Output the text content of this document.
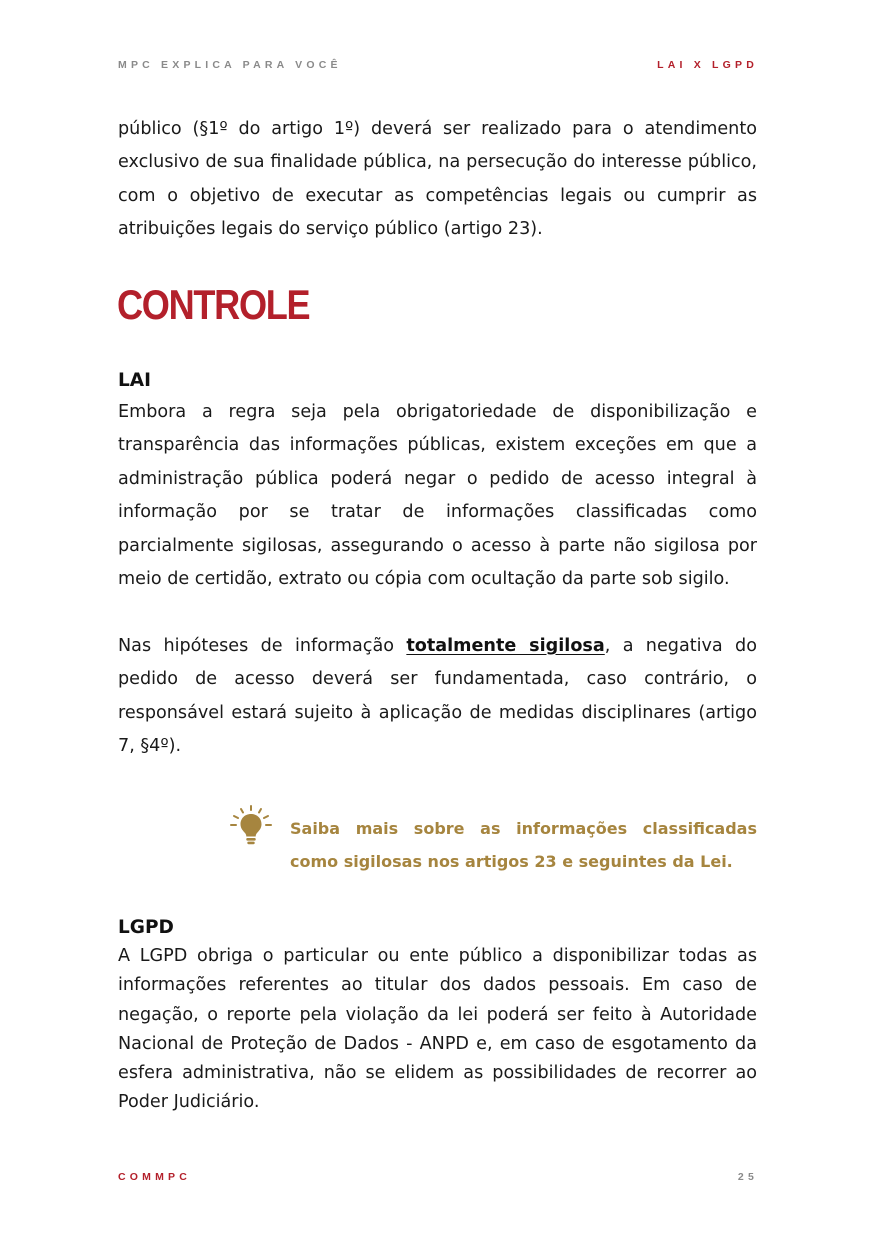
MPC EXPLICA PARA VOCÊ	LAI X LGPD

público (§1º do artigo 1º) deverá ser realizado para o atendimento exclusivo de sua finalidade pública, na persecução do interesse público, com o objetivo de executar as competências legais ou cumprir as atribuições legais do serviço público (artigo 23).

CONTROLE
LAI

Embora a regra seja pela obrigatoriedade de disponibilização e transparência das informações públicas, existem exceções em que a administração pública poderá negar o pedido de acesso integral à informação por se tratar de informações classificadas como parcialmente sigilosas, assegurando o acesso à parte não sigilosa por meio de certidão, extrato ou cópia com ocultação da parte sob sigilo.

Nas hipóteses de informação totalmente sigilosa, a negativa do pedido de acesso deverá ser fundamentada, caso contrário, o responsável estará sujeito à aplicação de medidas disciplinares (artigo 7, §4º).

Saiba mais sobre as informações classificadas como sigilosas nos artigos 23 e seguintes da Lei.

LGPD

A LGPD obriga o particular ou ente público a disponibilizar todas as informações referentes ao titular dos dados pessoais. Em caso de negação, o reporte pela violação da lei poderá ser feito à Autoridade Nacional de Proteção de Dados - ANPD e, em caso de esgotamento da esfera administrativa, não se elidem as possibilidades de recorrer ao Poder Judiciário.

COMMPC	25
